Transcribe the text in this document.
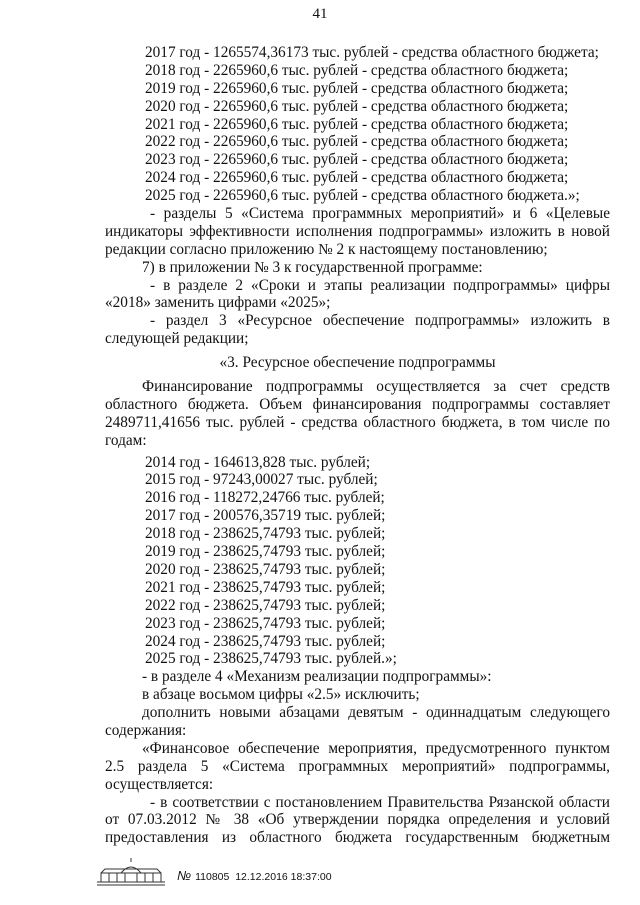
41
2017 год - 1265574,36173 тыс. рублей - средства областного бюджета;
2018 год - 2265960,6 тыс. рублей - средства областного бюджета;
2019 год - 2265960,6 тыс. рублей - средства областного бюджета;
2020 год - 2265960,6 тыс. рублей - средства областного бюджета;
2021 год - 2265960,6 тыс. рублей - средства областного бюджета;
2022 год - 2265960,6 тыс. рублей - средства областного бюджета;
2023 год - 2265960,6 тыс. рублей - средства областного бюджета;
2024 год - 2265960,6 тыс. рублей - средства областного бюджета;
2025 год - 2265960,6 тыс. рублей - средства областного бюджета.»;
- разделы 5 «Система программных мероприятий» и 6 «Целевые
индикаторы эффективности исполнения подпрограммы» изложить в новой
редакции согласно приложению № 2 к настоящему постановлению;
7) в приложении № 3 к государственной программе:
- в разделе 2 «Сроки и этапы реализации подпрограммы» цифры
«2018» заменить цифрами «2025»;
- раздел 3 «Ресурсное обеспечение подпрограммы» изложить в
следующей редакции;
«3. Ресурсное обеспечение подпрограммы
Финансирование подпрограммы осуществляется за счет средств
областного бюджета. Объем финансирования подпрограммы составляет
2489711,41656 тыс. рублей - средства областного бюджета, в том числе по
годам:
2014 год - 164613,828 тыс. рублей;
2015 год - 97243,00027 тыс. рублей;
2016 год - 118272,24766 тыс. рублей;
2017 год - 200576,35719 тыс. рублей;
2018 год - 238625,74793 тыс. рублей;
2019 год - 238625,74793 тыс. рублей;
2020 год - 238625,74793 тыс. рублей;
2021 год - 238625,74793 тыс. рублей;
2022 год - 238625,74793 тыс. рублей;
2023 год - 238625,74793 тыс. рублей;
2024 год - 238625,74793 тыс. рублей;
2025 год - 238625,74793 тыс. рублей.»;
- в разделе 4 «Механизм реализации подпрограммы»:
в абзаце восьмом цифры «2.5» исключить;
дополнить новыми абзацами девятым - одиннадцатым следующего
содержания:
«Финансовое обеспечение мероприятия, предусмотренного пунктом
2.5 раздела 5 «Система программных мероприятий» подпрограммы,
осуществляется:
- в соответствии с постановлением Правительства Рязанской области
от 07.03.2012 № 38 «Об утверждении порядка определения и условий
предоставления из областного бюджета государственным бюджетным
№ 110805 12.12.2016 18:37:00
